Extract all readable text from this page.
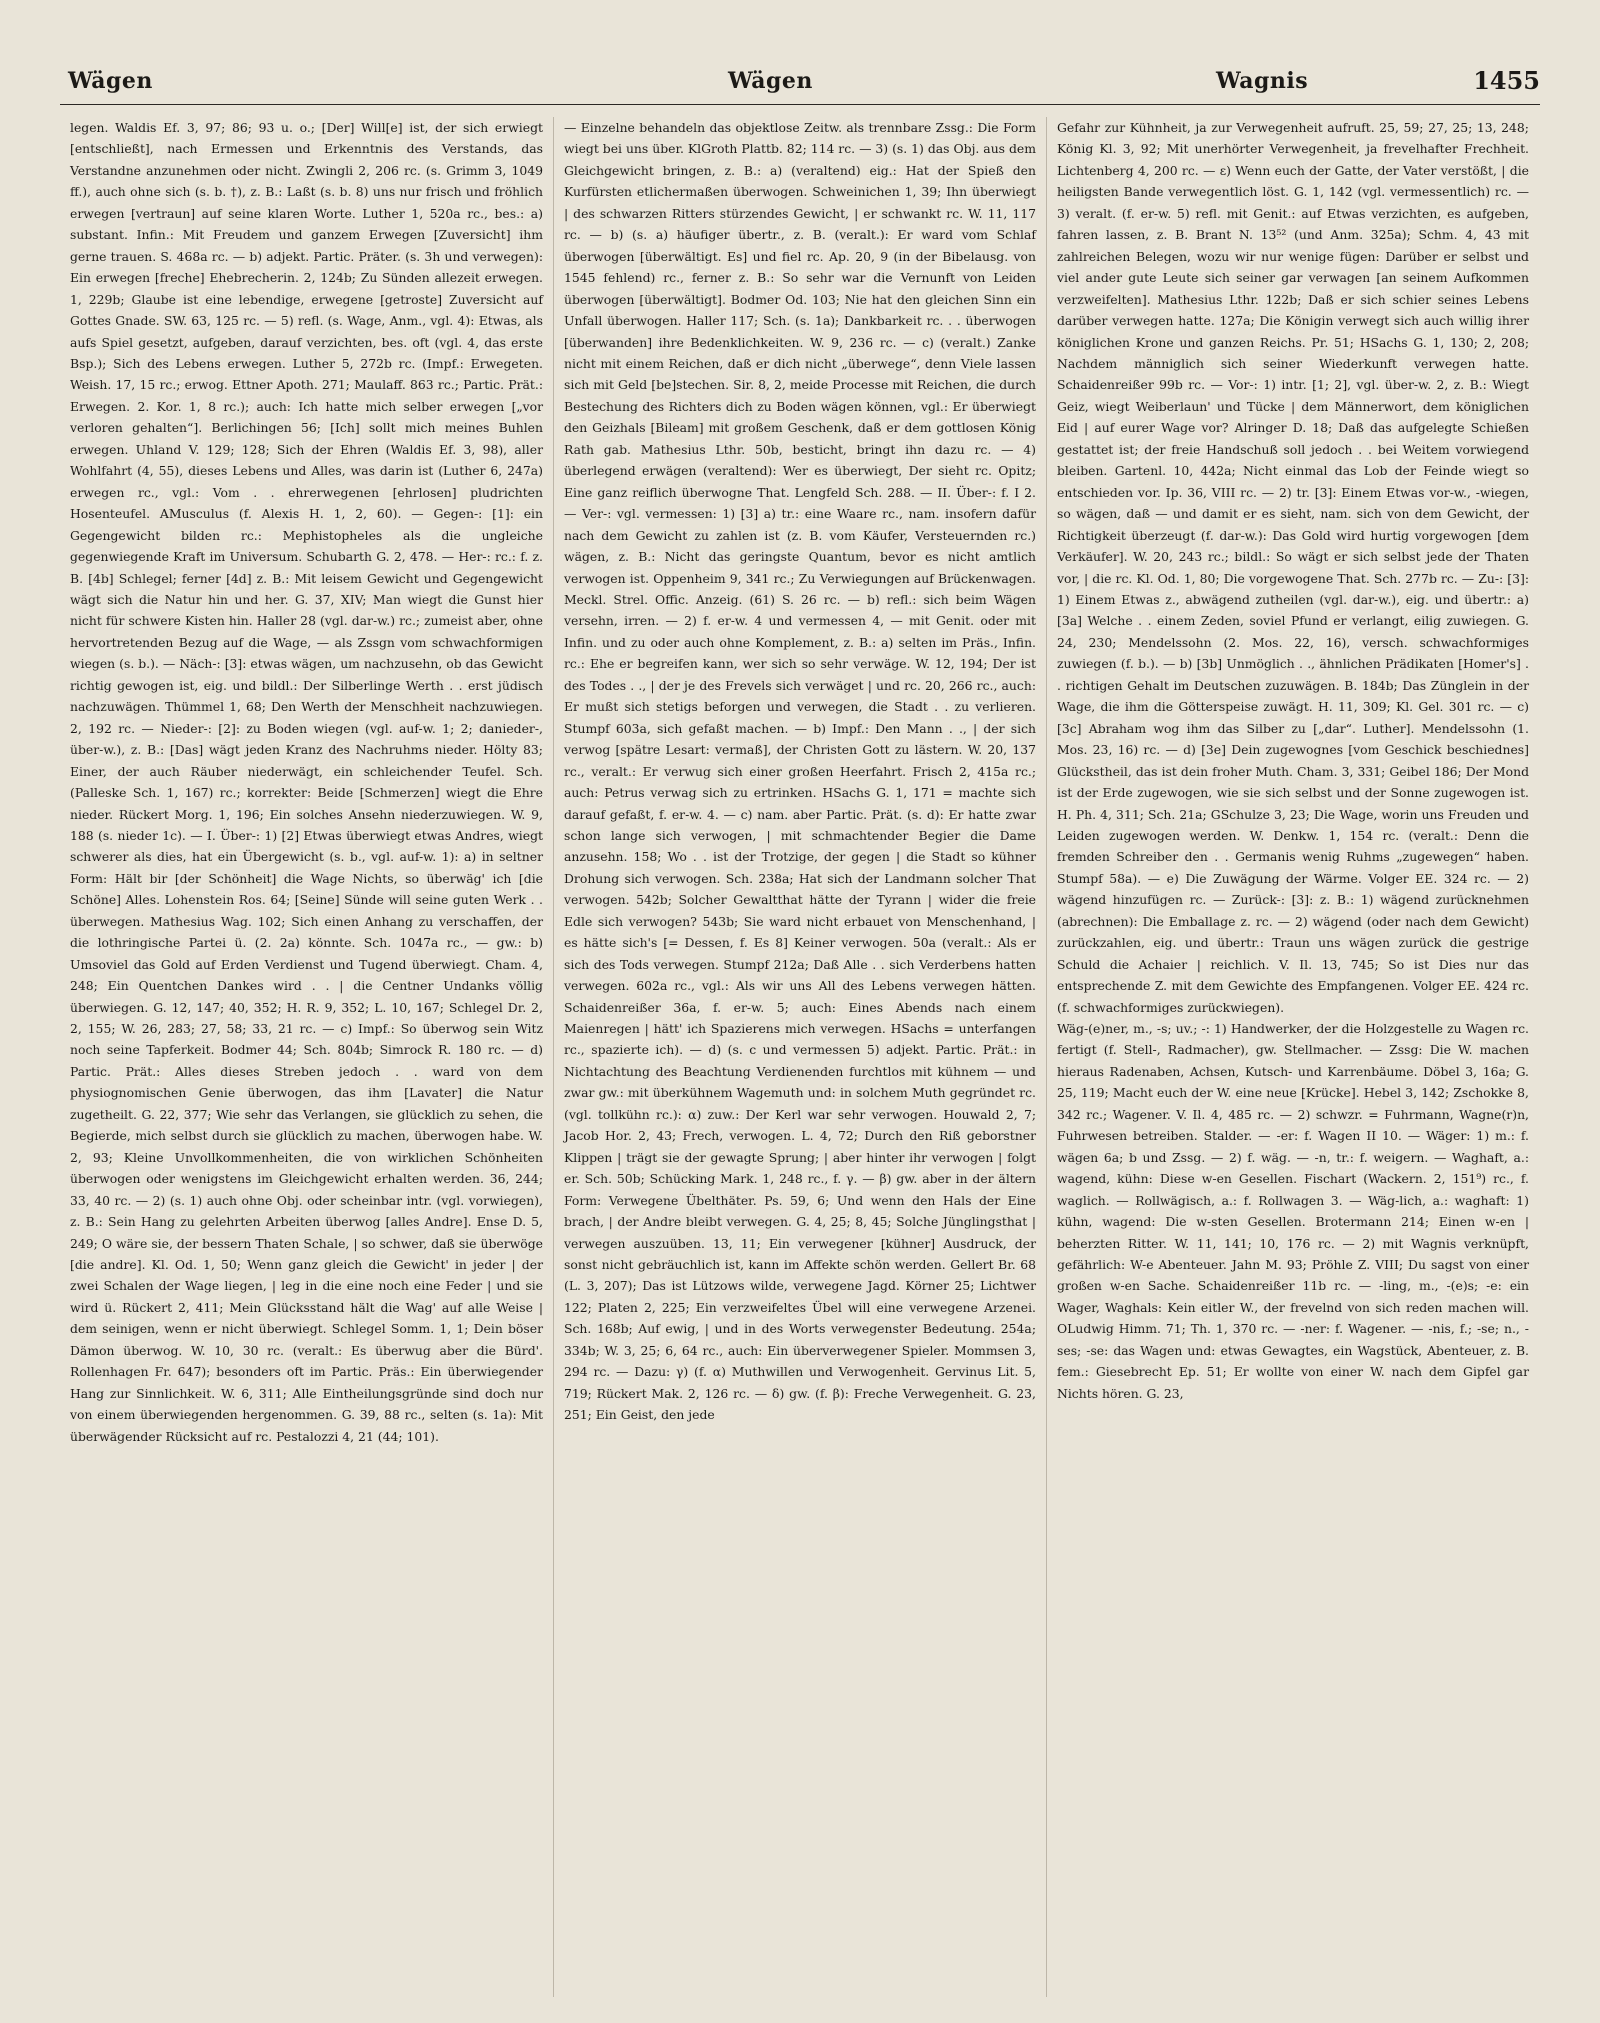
Wägen	Wägen	Wagnis	1455

legen. Waldis Ef. 3, 97; 86; 93 u. o.; [Der] Will[e] ist, der sich erwiegt [entschließt], nach Ermessen und Erkenntnis des Verstands, das Verstandne anzunehmen oder nicht. Zwingli 2, 206 rc. (s. Grimm 3, 1049 ff.), auch ohne sich (s. b. †), z. B.: Laßt (s. b. 8) uns nur frisch und fröhlich erwegen [vertraun] auf seine klaren Worte. Luther 1, 520a rc., bes.: a) substant. Infin.: Mit Freudem und ganzem Erwegen [Zuversicht] ihm gerne trauen. S. 468a rc. — b) adjekt. Partic. Präter. (s. 3h und verwegen): Ein erwegen [freche] Ehebrecherin. 2, 124b; Zu Sünden allezeit erwegen. 1, 229b; Glaube ist eine lebendige, erwegene [getroste] Zuversicht auf Gottes Gnade. SW. 63, 125 rc. — 5) refl. (s. Wage, Anm., vgl. 4): Etwas, als aufs Spiel gesetzt, aufgeben, darauf verzichten, bes. oft (vgl. 4, das erste Bsp.); Sich des Lebens erwegen. Luther 5, 272b rc. (Impf.: Erwegeten. Weish. 17, 15 rc.; erwog. Ettner Apoth. 271; Maulaff. 863 rc.; Partic. Prät.: Erwegen. 2. Kor. 1, 8 rc.); auch: Ich hatte mich selber erwegen [„vor verloren gehalten“]. Berlichingen 56; [Ich] sollt mich meines Buhlen erwegen. Uhland V. 129; 128; Sich der Ehren (Waldis Ef. 3, 98), aller Wohlfahrt (4, 55), dieses Lebens und Alles, was darin ist (Luther 6, 247a) erwegen rc., vgl.: Vom . . ehrerwegenen [ehrlosen] pludrichten Hosenteufel. AMusculus (f. Alexis H. 1, 2, 60). — Gegen-: [1]: ein Gegengewicht bilden rc.: Mephistopheles als die ungleiche gegenwiegende Kraft im Universum. Schubarth G. 2, 478. — Her-: rc.: f. z. B. [4b] Schlegel; ferner [4d] z. B.: Mit leisem Gewicht und Gegengewicht wägt sich die Natur hin und her. G. 37, XIV; Man wiegt die Gunst hier nicht für schwere Kisten hin. Haller 28 (vgl. dar-w.) rc.; zumeist aber, ohne hervortretenden Bezug auf die Wage, — als Zssgn vom schwachformigen wiegen (s. b.). — Näch-: [3]: etwas wägen, um nachzusehn, ob das Gewicht richtig gewogen ist, eig. und bildl.: Der Silberlinge Werth . . erst jüdisch nachzuwägen. Thümmel 1, 68; Den Werth der Menschheit nachzuwiegen. 2, 192 rc. — Nieder-: [2]: zu Boden wiegen (vgl. auf-w. 1; 2; danieder-, über-w.), z. B.: [Das] wägt jeden Kranz des Nachruhms nieder. Hölty 83; Einer, der auch Räuber niederwägt, ein schleichender Teufel. Sch. (Palleske Sch. 1, 167) rc.; korrekter: Beide [Schmerzen] wiegt die Ehre nieder. Rückert Morg. 1, 196; Ein solches Ansehn niederzuwiegen. W. 9, 188 (s. nieder 1c). — I. Über-: 1) [2] Etwas überwiegt etwas Andres, wiegt schwerer als dies, hat ein Übergewicht (s. b., vgl. auf-w. 1): a) in seltner Form: Hält bir [der Schönheit] die Wage Nichts, so überwäg' ich [die Schöne] Alles. Lohenstein Ros. 64; [Seine] Sünde will seine guten Werk . . überwegen. Mathesius Wag. 102; Sich einen Anhang zu verschaffen, der die lothringische Partei ü. (2. 2a) könnte. Sch. 1047a rc., — gw.: b) Umsoviel das Gold auf Erden Verdienst und Tugend überwiegt. Cham. 4, 248; Ein Quentchen Dankes wird . . | die Centner Undanks völlig überwiegen. G. 12, 147; 40, 352; H. R. 9, 352; L. 10, 167; Schlegel Dr. 2, 2, 155; W. 26, 283; 27, 58; 33, 21 rc. — c) Impf.: So überwog sein Witz noch seine Tapferkeit. Bodmer 44; Sch. 804b; Simrock R. 180 rc. — d) Partic. Prät.: Alles dieses Streben jedoch . . ward von dem physiognomischen Genie überwogen, das ihm [Lavater] die Natur zugetheilt. G. 22, 377; Wie sehr das Verlangen, sie glücklich zu sehen, die Begierde, mich selbst durch sie glücklich zu machen, überwogen habe. W. 2, 93; Kleine Unvollkommenheiten, die von wirklichen Schönheiten überwogen oder wenigstens im Gleichgewicht erhalten werden. 36, 244; 33, 40 rc. — 2) (s. 1) auch ohne Obj. oder scheinbar intr. (vgl. vorwiegen), z. B.: Sein Hang zu gelehrten Arbeiten überwog [alles Andre]. Ense D. 5, 249; O wäre sie, der bessern Thaten Schale, | so schwer, daß sie überwöge [die andre]. Kl. Od. 1, 50; Wenn ganz gleich die Gewicht' in jeder | der zwei Schalen der Wage liegen, | leg in die eine noch eine Feder | und sie wird ü. Rückert 2, 411; Mein Glücksstand hält die Wag' auf alle Weise | dem seinigen, wenn er nicht überwiegt. Schlegel Somm. 1, 1; Dein böser Dämon überwog. W. 10, 30 rc. (veralt.: Es überwug aber die Bürd'. Rollenhagen Fr. 647); besonders oft im Partic. Präs.: Ein überwiegender Hang zur Sinnlichkeit. W. 6, 311; Alle Eintheilungsgründe sind doch nur von einem überwiegenden hergenommen. G. 39, 88 rc., selten (s. 1a): Mit überwägender Rücksicht auf rc. Pestalozzi 4, 21 (44; 101).

— Einzelne behandeln das objektlose Zeitw. als trennbare Zssg.: Die Form wiegt bei uns über. KlGroth Plattb. 82; 114 rc. — 3) (s. 1) das Obj. aus dem Gleichgewicht bringen, z. B.: a) (veraltend) eig.: Hat der Spieß den Kurfürsten etlichermaßen überwogen. Schweinichen 1, 39; Ihn überwiegt | des schwarzen Ritters stürzendes Gewicht, | er schwankt rc. W. 11, 117 rc. — b) (s. a) häufiger übertr., z. B. (veralt.): Er ward vom Schlaf überwogen [überwältigt. Es] und fiel rc. Ap. 20, 9 (in der Bibelausg. von 1545 fehlend) rc., ferner z. B.: So sehr war die Vernunft von Leiden überwogen [überwältigt]. Bodmer Od. 103; Nie hat den gleichen Sinn ein Unfall überwogen. Haller 117; Sch. (s. 1a); Dankbarkeit rc. . . überwogen [überwanden] ihre Bedenklichkeiten. W. 9, 236 rc. — c) (veralt.) Zanke nicht mit einem Reichen, daß er dich nicht „überwege“, denn Viele lassen sich mit Geld [be]stechen. Sir. 8, 2, meide Processe mit Reichen, die durch Bestechung des Richters dich zu Boden wägen können, vgl.: Er überwiegt den Geizhals [Bileam] mit großem Geschenk, daß er dem gottlosen König Rath gab. Mathesius Lthr. 50b, besticht, bringt ihn dazu rc. — 4) überlegend erwägen (veraltend): Wer es überwiegt, Der sieht rc. Opitz; Eine ganz reiflich überwogne That. Lengfeld Sch. 288. — II. Über-: f. I 2. — Ver-: vgl. vermessen: 1) [3] a) tr.: eine Waare rc., nam. insofern dafür nach dem Gewicht zu zahlen ist (z. B. vom Käufer, Versteuernden rc.) wägen, z. B.: Nicht das geringste Quantum, bevor es nicht amtlich verwogen ist. Oppenheim 9, 341 rc.; Zu Verwiegungen auf Brückenwagen. Meckl. Strel. Offic. Anzeig. (61) S. 26 rc. — b) refl.: sich beim Wägen versehn, irren. — 2) f. er-w. 4 und vermessen 4, — mit Genit. oder mit Infin. und zu oder auch ohne Komplement, z. B.: a) selten im Präs., Infin. rc.: Ehe er begreifen kann, wer sich so sehr verwäge. W. 12, 194; Der ist des Todes . ., | der je des Frevels sich verwäget | und rc. 20, 266 rc., auch: Er mußt sich stetigs beforgen und verwegen, die Stadt . . zu verlieren. Stumpf 603a, sich gefaßt machen. — b) Impf.: Den Mann . ., | der sich verwog [spätre Lesart: vermaß], der Christen Gott zu lästern. W. 20, 137 rc., veralt.: Er verwug sich einer großen Heerfahrt. Frisch 2, 415a rc.; auch: Petrus verwag sich zu ertrinken. HSachs G. 1, 171 = machte sich darauf gefaßt, f. er-w. 4. — c) nam. aber Partic. Prät. (s. d): Er hatte zwar schon lange sich verwogen, | mit schmachtender Begier die Dame anzusehn. 158; Wo . . ist der Trotzige, der gegen | die Stadt so kühner Drohung sich verwogen. Sch. 238a; Hat sich der Landmann solcher That verwogen. 542b; Solcher Gewaltthat hätte der Tyrann | wider die freie Edle sich verwogen? 543b; Sie ward nicht erbauet von Menschenhand, | es hätte sich's [= Dessen, f. Es 8] Keiner verwogen. 50a (veralt.: Als er sich des Tods verwegen. Stumpf 212a; Daß Alle . . sich Verderbens hatten verwegen. 602a rc., vgl.: Als wir uns All des Lebens verwegen hätten. Schaidenreißer 36a, f. er-w. 5; auch: Eines Abends nach einem Maienregen | hätt' ich Spazierens mich verwegen. HSachs = unterfangen rc., spazierte ich). — d) (s. c und vermessen 5) adjekt. Partic. Prät.: in Nichtachtung des Beachtung Verdienenden furchtlos mit kühnem — und zwar gw.: mit überkühnem Wagemuth und: in solchem Muth gegründet rc. (vgl. tollkühn rc.): α) zuw.: Der Kerl war sehr verwogen. Houwald 2, 7; Jacob Hor. 2, 43; Frech, verwogen. L. 4, 72; Durch den Riß geborstner Klippen | trägt sie der gewagte Sprung; | aber hinter ihr verwogen | folgt er. Sch. 50b; Schücking Mark. 1, 248 rc., f. γ. — β) gw. aber in der ältern Form: Verwegene Übelthäter. Ps. 59, 6; Und wenn den Hals der Eine brach, | der Andre bleibt verwegen. G. 4, 25; 8, 45; Solche Jünglingsthat | verwegen auszuüben. 13, 11; Ein verwegener [kühner] Ausdruck, der sonst nicht gebräuchlich ist, kann im Affekte schön werden. Gellert Br. 68 (L. 3, 207); Das ist Lützows wilde, verwegene Jagd. Körner 25; Lichtwer 122; Platen 2, 225; Ein verzweifeltes Übel will eine verwegene Arzenei. Sch. 168b; Auf ewig, | und in des Worts verwegenster Bedeutung. 254a; 334b; W. 3, 25; 6, 64 rc., auch: Ein überverwegener Spieler. Mommsen 3, 294 rc. — Dazu: γ) (f. α) Muthwillen und Verwogenheit. Gervinus Lit. 5, 719; Rückert Mak. 2, 126 rc. — δ) gw. (f. β): Freche Verwegenheit. G. 23, 251; Ein Geist, den jede

Gefahr zur Kühnheit, ja zur Verwegenheit aufruft. 25, 59; 27, 25; 13, 248; König Kl. 3, 92; Mit unerhörter Verwegenheit, ja frevelhafter Frechheit. Lichtenberg 4, 200 rc. — ε) Wenn euch der Gatte, der Vater verstößt, | die heiligsten Bande verwegentlich löst. G. 1, 142 (vgl. vermessentlich) rc. — 3) veralt. (f. er-w. 5) refl. mit Genit.: auf Etwas verzichten, es aufgeben, fahren lassen, z. B. Brant N. 13⁵² (und Anm. 325a); Schm. 4, 43 mit zahlreichen Belegen, wozu wir nur wenige fügen: Darüber er selbst und viel ander gute Leute sich seiner gar verwagen [an seinem Aufkommen verzweifelten]. Mathesius Lthr. 122b; Daß er sich schier seines Lebens darüber verwegen hatte. 127a; Die Königin verwegt sich auch willig ihrer königlichen Krone und ganzen Reichs. Pr. 51; HSachs G. 1, 130; 2, 208; Nachdem männiglich sich seiner Wiederkunft verwegen hatte. Schaidenreißer 99b rc. — Vor-: 1) intr. [1; 2], vgl. über-w. 2, z. B.: Wiegt Geiz, wiegt Weiberlaun' und Tücke | dem Männerwort, dem königlichen Eid | auf eurer Wage vor? Alringer D. 18; Daß das aufgelegte Schießen gestattet ist; der freie Handschuß soll jedoch . . bei Weitem vorwiegend bleiben. Gartenl. 10, 442a; Nicht einmal das Lob der Feinde wiegt so entschieden vor. Ip. 36, VIII rc. — 2) tr. [3]: Einem Etwas vor-w., -wiegen, so wägen, daß — und damit er es sieht, nam. sich von dem Gewicht, der Richtigkeit überzeugt (f. dar-w.): Das Gold wird hurtig vorgewogen [dem Verkäufer]. W. 20, 243 rc.; bildl.: So wägt er sich selbst jede der Thaten vor, | die rc. Kl. Od. 1, 80; Die vorgewogene That. Sch. 277b rc. — Zu-: [3]: 1) Einem Etwas z., abwägend zutheilen (vgl. dar-w.), eig. und übertr.: a) [3a] Welche . . einem Zeden, soviel Pfund er verlangt, eilig zuwiegen. G. 24, 230; Mendelssohn (2. Mos. 22, 16), versch. schwachformiges zuwiegen (f. b.). — b) [3b] Unmöglich . ., ähnlichen Prädikaten [Homer's] . . richtigen Gehalt im Deutschen zuzuwägen. B. 184b; Das Zünglein in der Wage, die ihm die Götterspeise zuwägt. H. 11, 309; Kl. Gel. 301 rc. — c) [3c] Abraham wog ihm das Silber zu [„dar“. Luther]. Mendelssohn (1. Mos. 23, 16) rc. — d) [3e] Dein zugewognes [vom Geschick beschiednes] Glückstheil, das ist dein froher Muth. Cham. 3, 331; Geibel 186; Der Mond ist der Erde zugewogen, wie sie sich selbst und der Sonne zugewogen ist. H. Ph. 4, 311; Sch. 21a; GSchulze 3, 23; Die Wage, worin uns Freuden und Leiden zugewogen werden. W. Denkw. 1, 154 rc. (veralt.: Denn die fremden Schreiber den . . Germanis wenig Ruhms „zugewegen“ haben. Stumpf 58a). — e) Die Zuwägung der Wärme. Volger EE. 324 rc. — 2) wägend hinzufügen rc. — Zurück-: [3]: z. B.: 1) wägend zurücknehmen (abrechnen): Die Emballage z. rc. — 2) wägend (oder nach dem Gewicht) zurückzahlen, eig. und übertr.: Traun uns wägen zurück die gestrige Schuld die Achaier | reichlich. V. Il. 13, 745; So ist Dies nur das entsprechende Z. mit dem Gewichte des Empfangenen. Volger EE. 424 rc. (f. schwachformiges zurückwiegen).

Wäg-(e)ner, m., -s; uv.; -: 1) Handwerker, der die Holzgestelle zu Wagen rc. fertigt (f. Stell-, Radmacher), gw. Stellmacher. — Zssg: Die W. machen hieraus Radenaben, Achsen, Kutsch- und Karrenbäume. Döbel 3, 16a; G. 25, 119; Macht euch der W. eine neue [Krücke]. Hebel 3, 142; Zschokke 8, 342 rc.; Wagener. V. Il. 4, 485 rc. — 2) schwzr. = Fuhrmann, Wagne(r)n, Fuhrwesen betreiben. Stalder. — -er: f. Wagen II 10. — Wäger: 1) m.: f. wägen 6a; b und Zssg. — 2) f. wäg. — -n, tr.: f. weigern. — Waghaft, a.: wagend, kühn: Diese w-en Gesellen. Fischart (Wackern. 2, 151⁹) rc., f. waglich. — Rollwägisch, a.: f. Rollwagen 3. — Wäg-lich, a.: waghaft: 1) kühn, wagend: Die w-sten Gesellen. Brotermann 214; Einen w-en | beherzten Ritter. W. 11, 141; 10, 176 rc. — 2) mit Wagnis verknüpft, gefährlich: W-e Abenteuer. Jahn M. 93; Pröhle Z. VIII; Du sagst von einer großen w-en Sache. Schaidenreißer 11b rc. — -ling, m., -(e)s; -e: ein Wager, Waghals: Kein eitler W., der frevelnd von sich reden machen will. OLudwig Himm. 71; Th. 1, 370 rc. — -ner: f. Wagener. — -nis, f.; -se; n., -ses; -se: das Wagen und: etwas Gewagtes, ein Wagstück, Abenteuer, z. B. fem.: Giesebrecht Ep. 51; Er wollte von einer W. nach dem Gipfel gar Nichts hören. G. 23,
